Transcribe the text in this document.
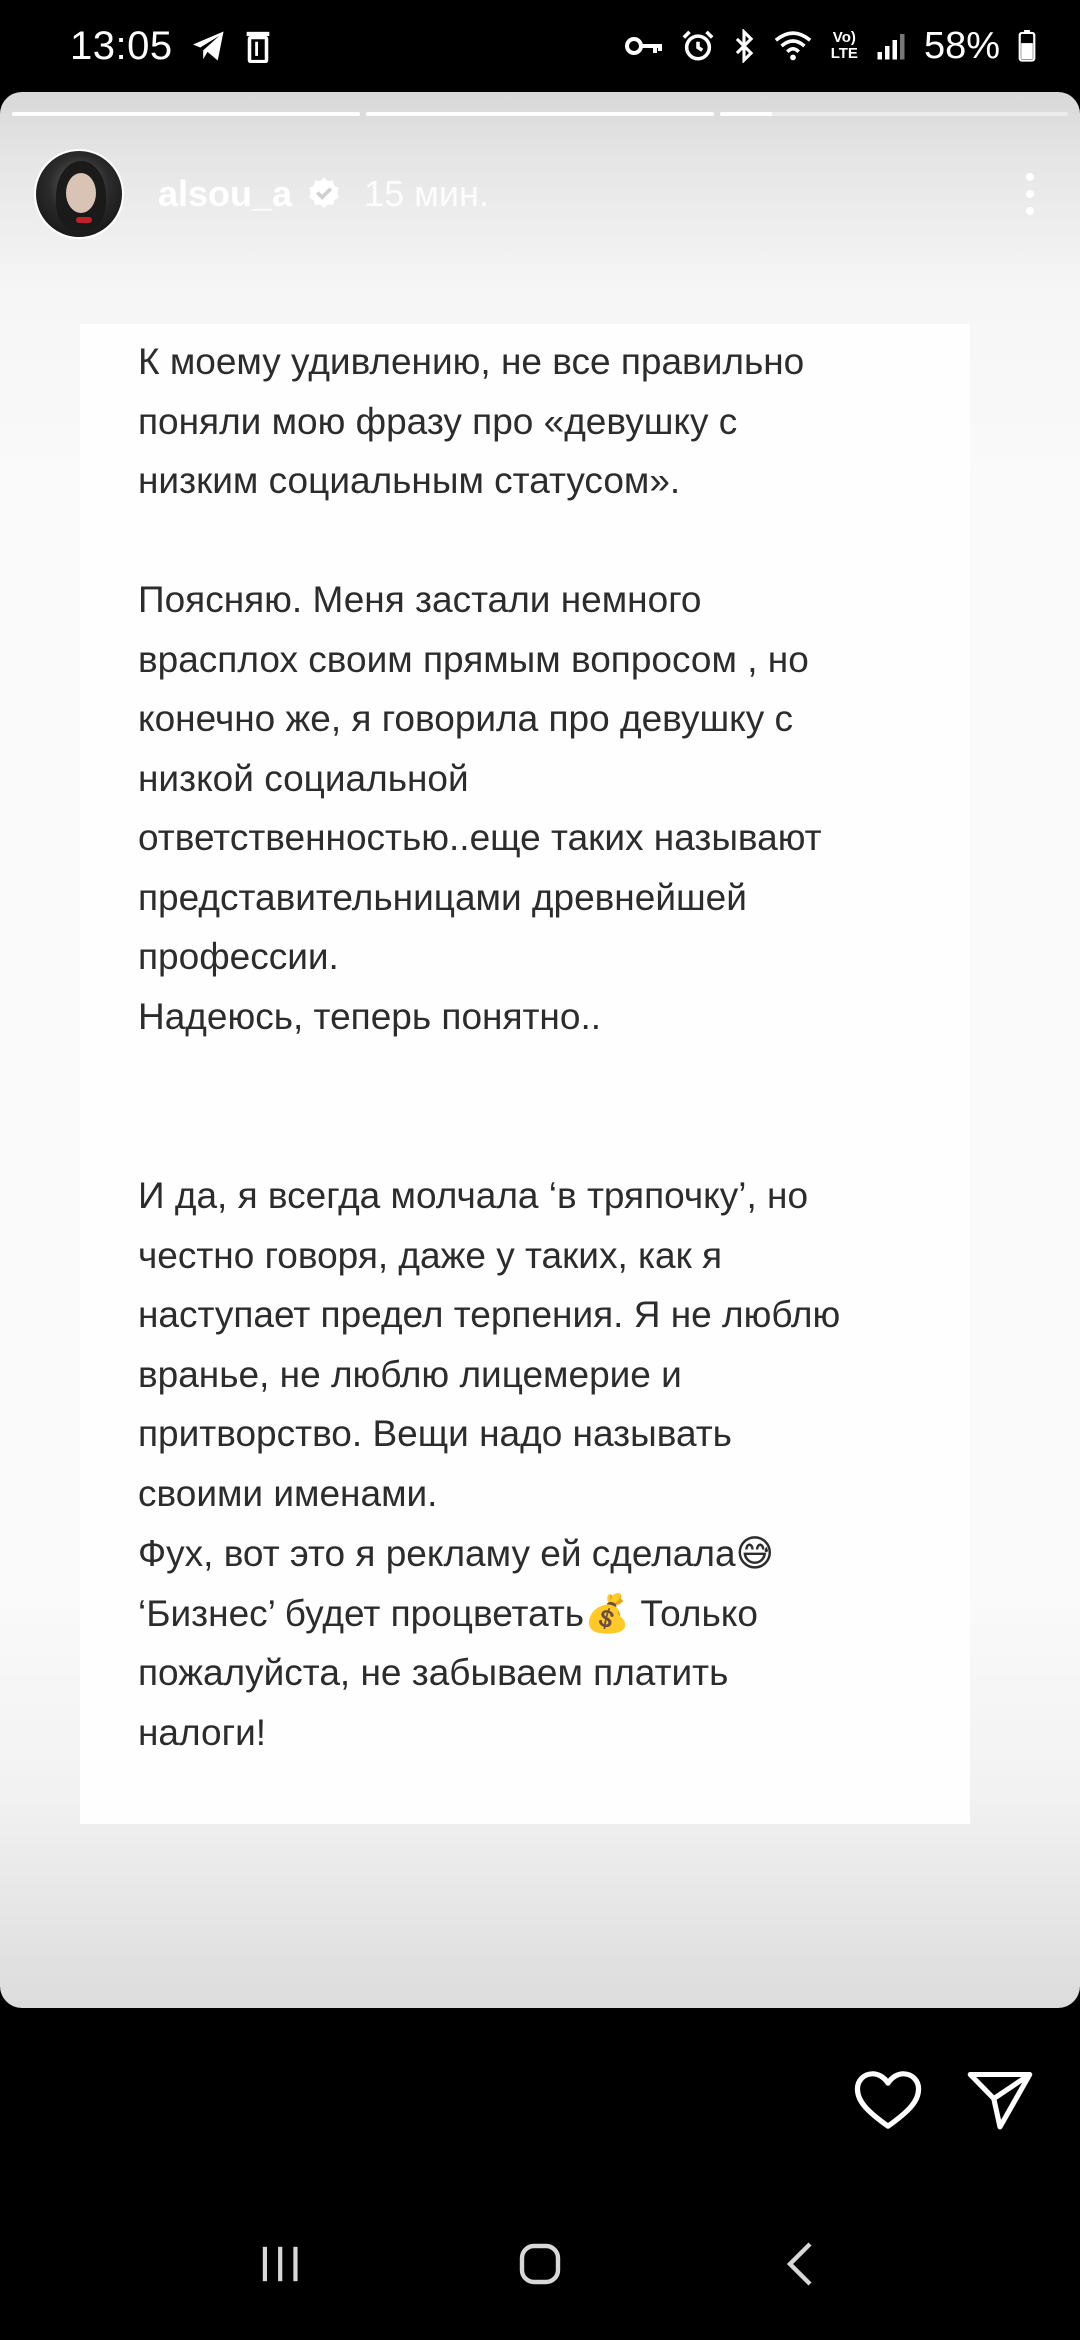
13:05	Vo)
LTE 58%
alsou_a 15 мин.
К моему удивлению, не все правильно
поняли мою фразу про «девушку с
низким социальным статусом».
Поясняю. Меня застали немного
врасплох своим прямым вопросом , но
конечно же, я говорила про девушку с
низкой социальной
ответственностью..еще таких называют
представительницами древнейшей
профессии.
Надеюсь, теперь понятно..
И да, я всегда молчала ‘в тряпочку’, но
честно говоря, даже у таких, как я
наступает предел терпения. Я не люблю
вранье, не люблю лицемерие и
притворство. Вещи надо называть
своими именами.
Фух, вот это я рекламу ей сделала😅
‘Бизнес’ будет процветать💰 Только
пожалуйста, не забываем платить
налоги!
